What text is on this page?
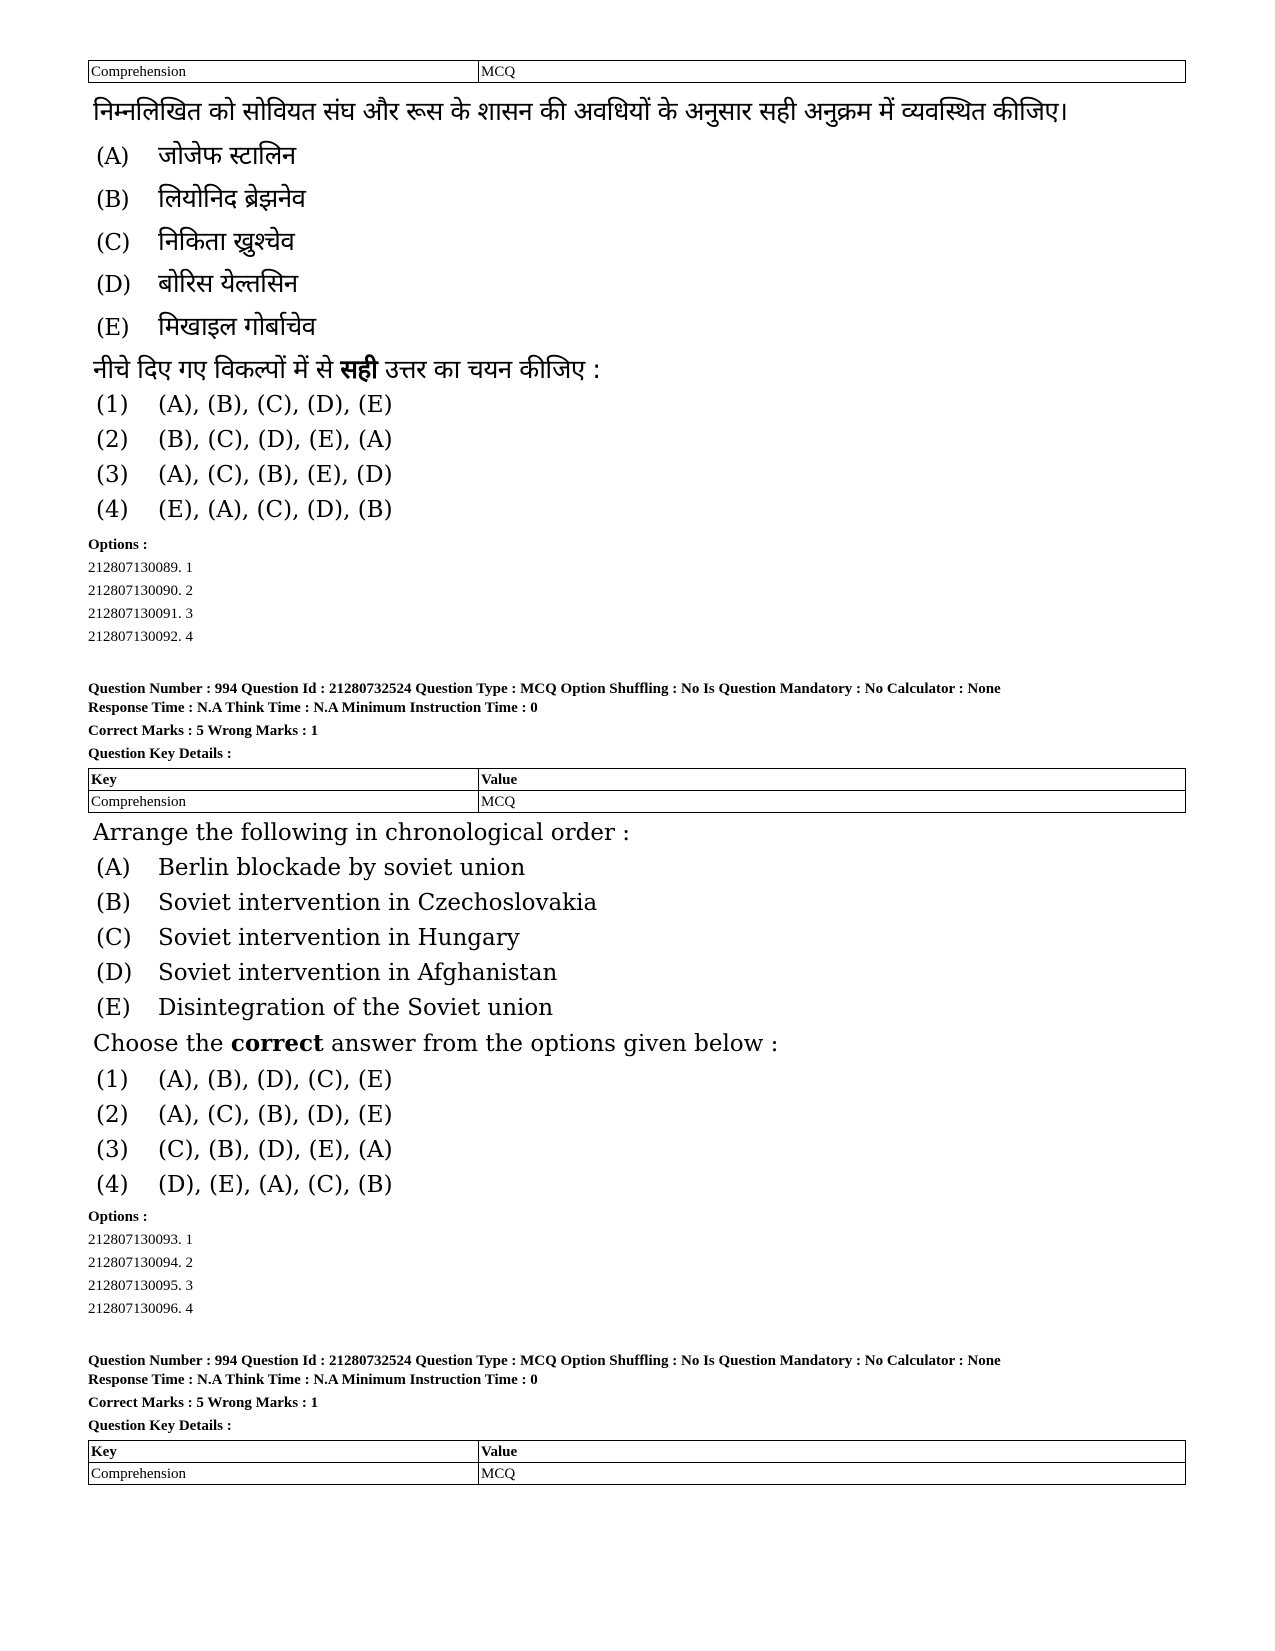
Comprehension	MCQ
निम्नलिखित को सोवियत संघ और रूस के शासन की अवधियों के अनुसार सही अनुक्रम में व्यवस्थित कीजिए।
(A) जोजेफ स्टालिन
(B) लियोनिद ब्रेझनेव
(C) निकिता ख्रुश्चेव
(D) बोरिस येल्तसिन
(E) मिखाइल गोर्बाचेव
नीचे दिए गए विकल्पों में से सही उत्तर का चयन कीजिए :
(1) (A), (B), (C), (D), (E)
(2) (B), (C), (D), (E), (A)
(3) (A), (C), (B), (E), (D)
(4) (E), (A), (C), (D), (B)
Options :
212807130089. 1
212807130090. 2
212807130091. 3
212807130092. 4
Question Number : 994 Question Id : 21280732524 Question Type : MCQ Option Shuffling : No Is Question Mandatory : No Calculator : None
Response Time : N.A Think Time : N.A Minimum Instruction Time : 0
Correct Marks : 5 Wrong Marks : 1
Question Key Details :
Key	Value
Comprehension	MCQ
Arrange the following in chronological order :
(A) Berlin blockade by soviet union
(B) Soviet intervention in Czechoslovakia
(C) Soviet intervention in Hungary
(D) Soviet intervention in Afghanistan
(E) Disintegration of the Soviet union
Choose the correct answer from the options given below :
(1) (A), (B), (D), (C), (E)
(2) (A), (C), (B), (D), (E)
(3) (C), (B), (D), (E), (A)
(4) (D), (E), (A), (C), (B)
Options :
212807130093. 1
212807130094. 2
212807130095. 3
212807130096. 4
Question Number : 994 Question Id : 21280732524 Question Type : MCQ Option Shuffling : No Is Question Mandatory : No Calculator : None
Response Time : N.A Think Time : N.A Minimum Instruction Time : 0
Correct Marks : 5 Wrong Marks : 1
Question Key Details :
Key	Value
Comprehension	MCQ
